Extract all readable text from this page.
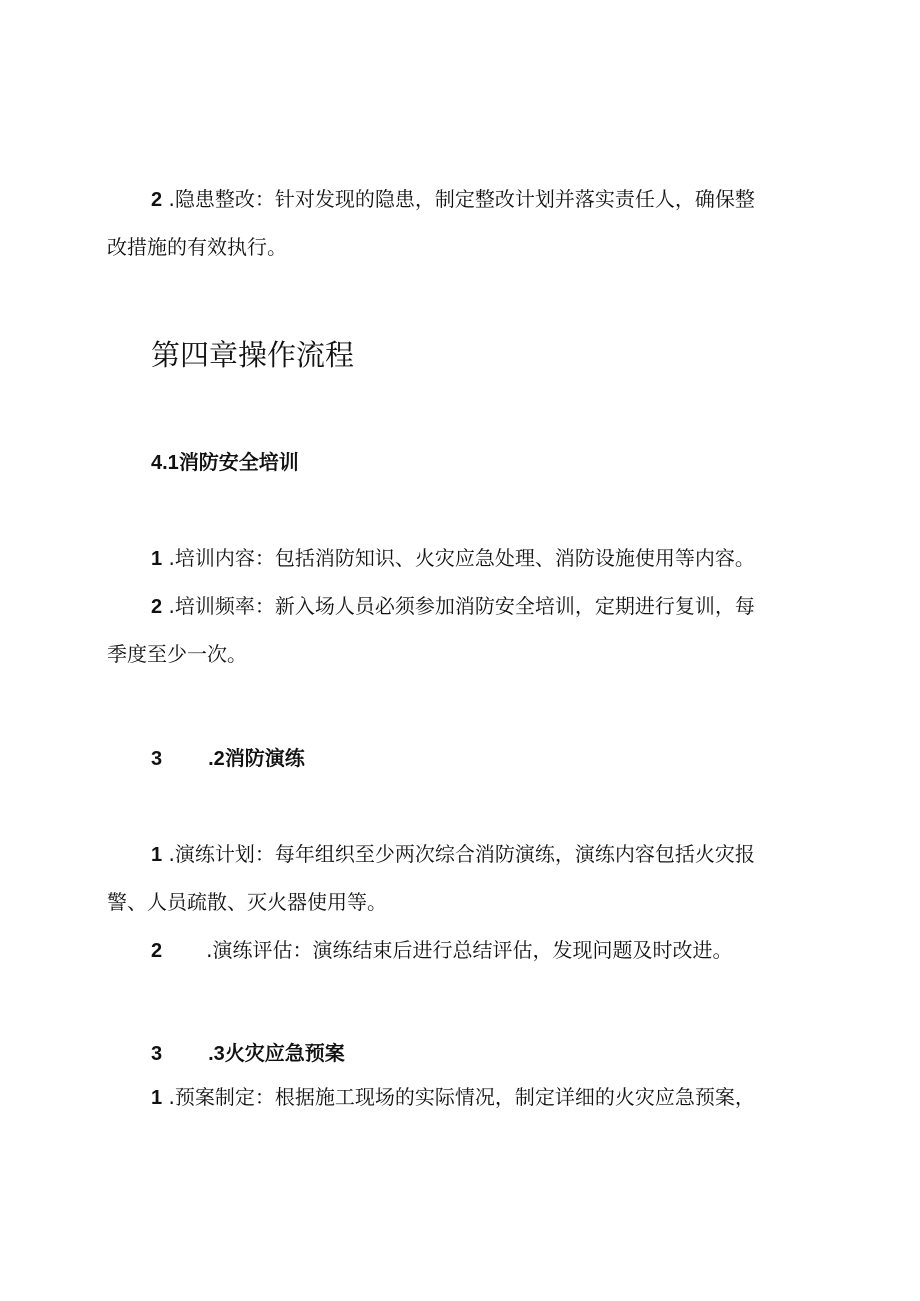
2 .隐患整改：针对发现的隐患，制定整改计划并落实责任人，确保整
改措施的有效执行。
第四章操作流程
4.1消防安全培训
1 .培训内容：包括消防知识、火灾应急处理、消防设施使用等内容。
2 .培训频率：新入场人员必须参加消防安全培训，定期进行复训，每
季度至少一次。
3 .2消防演练
1 .演练计划：每年组织至少两次综合消防演练，演练内容包括火灾报
警、人员疏散、灭火器使用等。
2 .演练评估：演练结束后进行总结评估，发现问题及时改进。
3 .3火灾应急预案
1 .预案制定：根据施工现场的实际情况，制定详细的火灾应急预案，
